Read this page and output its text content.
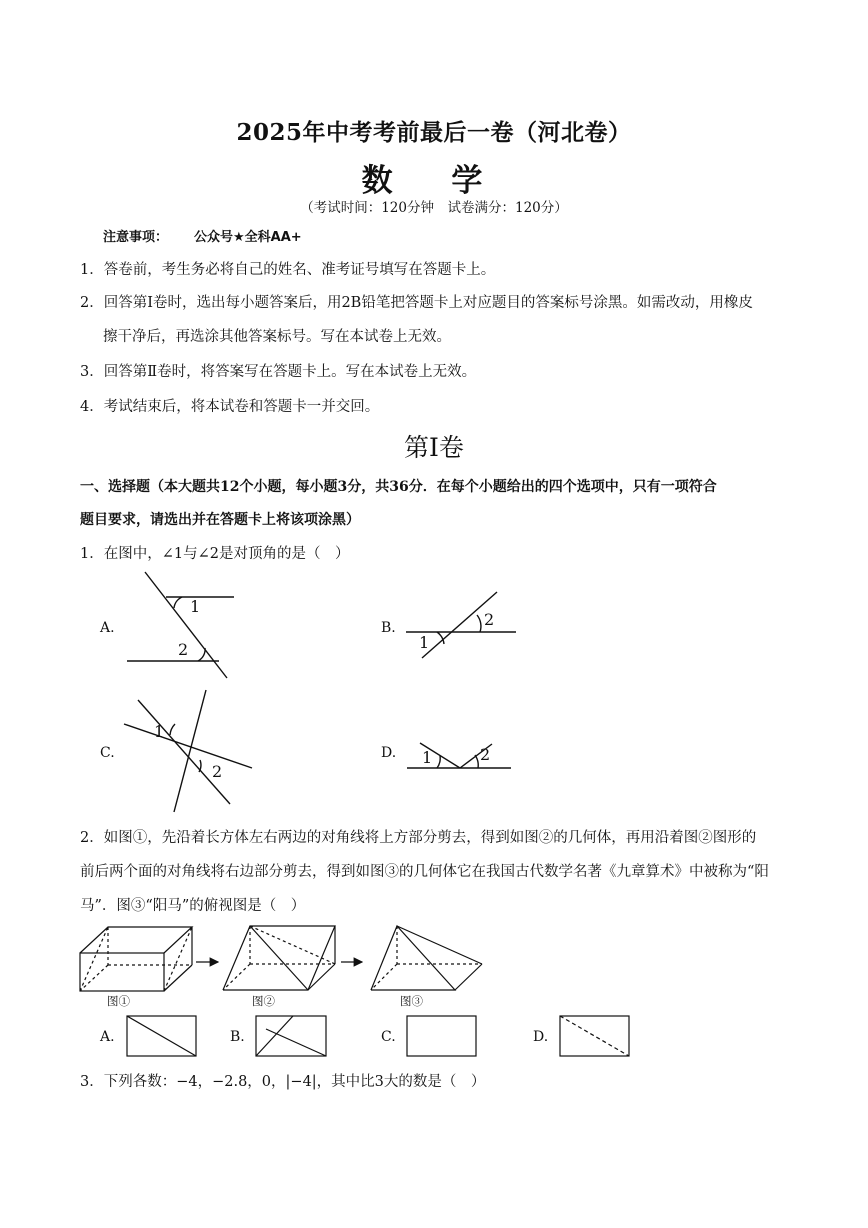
2025年中考考前最后一卷（河北卷）
数 学
（考试时间：120分钟　试卷满分：120分）
注意事项： 公众号★全科AA+
1．答卷前，考生务必将自己的姓名、准考证号填写在答题卡上。
2．回答第Ⅰ卷时，选出每小题答案后，用2B铅笔把答题卡上对应题目的答案标号涂黑。如需改动，用橡皮
擦干净后，再选涂其他答案标号。写在本试卷上无效。
3．回答第Ⅱ卷时，将答案写在答题卡上。写在本试卷上无效。
4．考试结束后，将本试卷和答题卡一并交回。
第Ⅰ卷
一、选择题（本大题共12个小题，每小题3分，共36分．在每个小题给出的四个选项中，只有一项符合
题目要求，请选出并在答题卡上将该项涂黑）
1．在图中，∠1与∠2是对顶角的是（　）
A.	B.
C.	D.
1
2	1
2
1
2
1	2
2．如图①，先沿着长方体左右两边的对角线将上方部分剪去，得到如图②的几何体，再用沿着图②图形的
前后两个面的对角线将右边部分剪去，得到如图③的几何体它在我国古代数学名著《九章算术》中被称为“阳
马”．图③“阳马”的俯视图是（　）
图①	图②	图③
A.	B.	C.	D.
3．下列各数：−4，−2.8，0，|−4|，其中比3大的数是（　）
